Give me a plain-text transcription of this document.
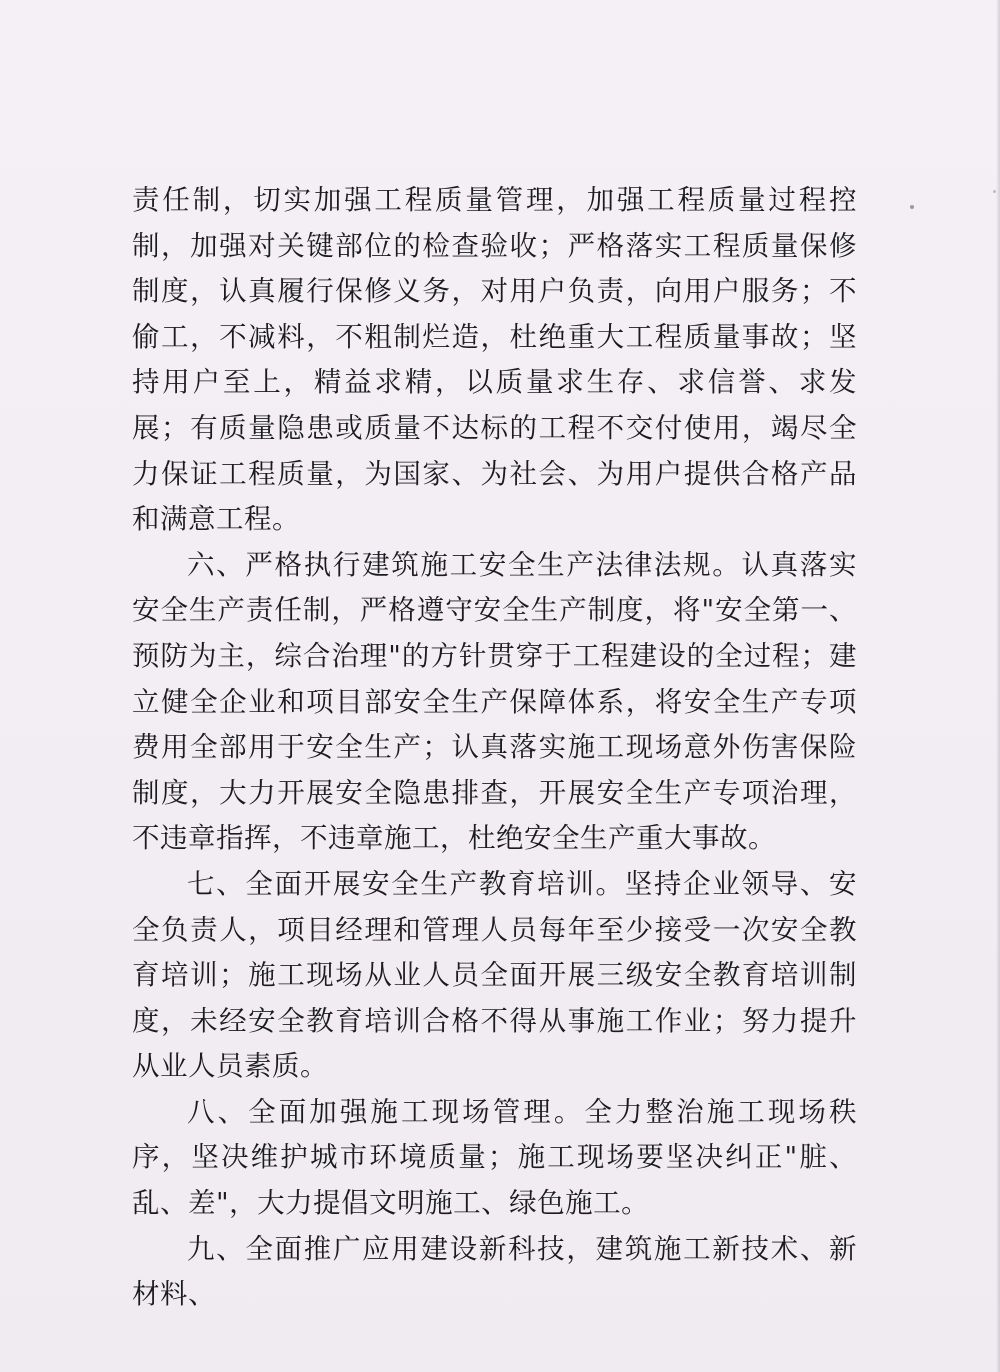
责任制，切实加强工程质量管理，加强工程质量过程控制，加强对关键部位的检查验收；严格落实工程质量保修制度，认真履行保修义务，对用户负责，向用户服务；不偷工，不减料，不粗制烂造，杜绝重大工程质量事故；坚持用户至上，精益求精，以质量求生存、求信誉、求发展；有质量隐患或质量不达标的工程不交付使用，竭尽全力保证工程质量，为国家、为社会、为用户提供合格产品和满意工程。

六、严格执行建筑施工安全生产法律法规。认真落实安全生产责任制，严格遵守安全生产制度，将"安全第一、预防为主，综合治理"的方针贯穿于工程建设的全过程；建立健全企业和项目部安全生产保障体系，将安全生产专项费用全部用于安全生产；认真落实施工现场意外伤害保险制度，大力开展安全隐患排查，开展安全生产专项治理，不违章指挥，不违章施工，杜绝安全生产重大事故。

七、全面开展安全生产教育培训。坚持企业领导、安全负责人，项目经理和管理人员每年至少接受一次安全教育培训；施工现场从业人员全面开展三级安全教育培训制度，未经安全教育培训合格不得从事施工作业；努力提升从业人员素质。

八、全面加强施工现场管理。全力整治施工现场秩序，坚决维护城市环境质量；施工现场要坚决纠正"脏、乱、差"，大力提倡文明施工、绿色施工。

九、全面推广应用建设新科技，建筑施工新技术、新材料、
